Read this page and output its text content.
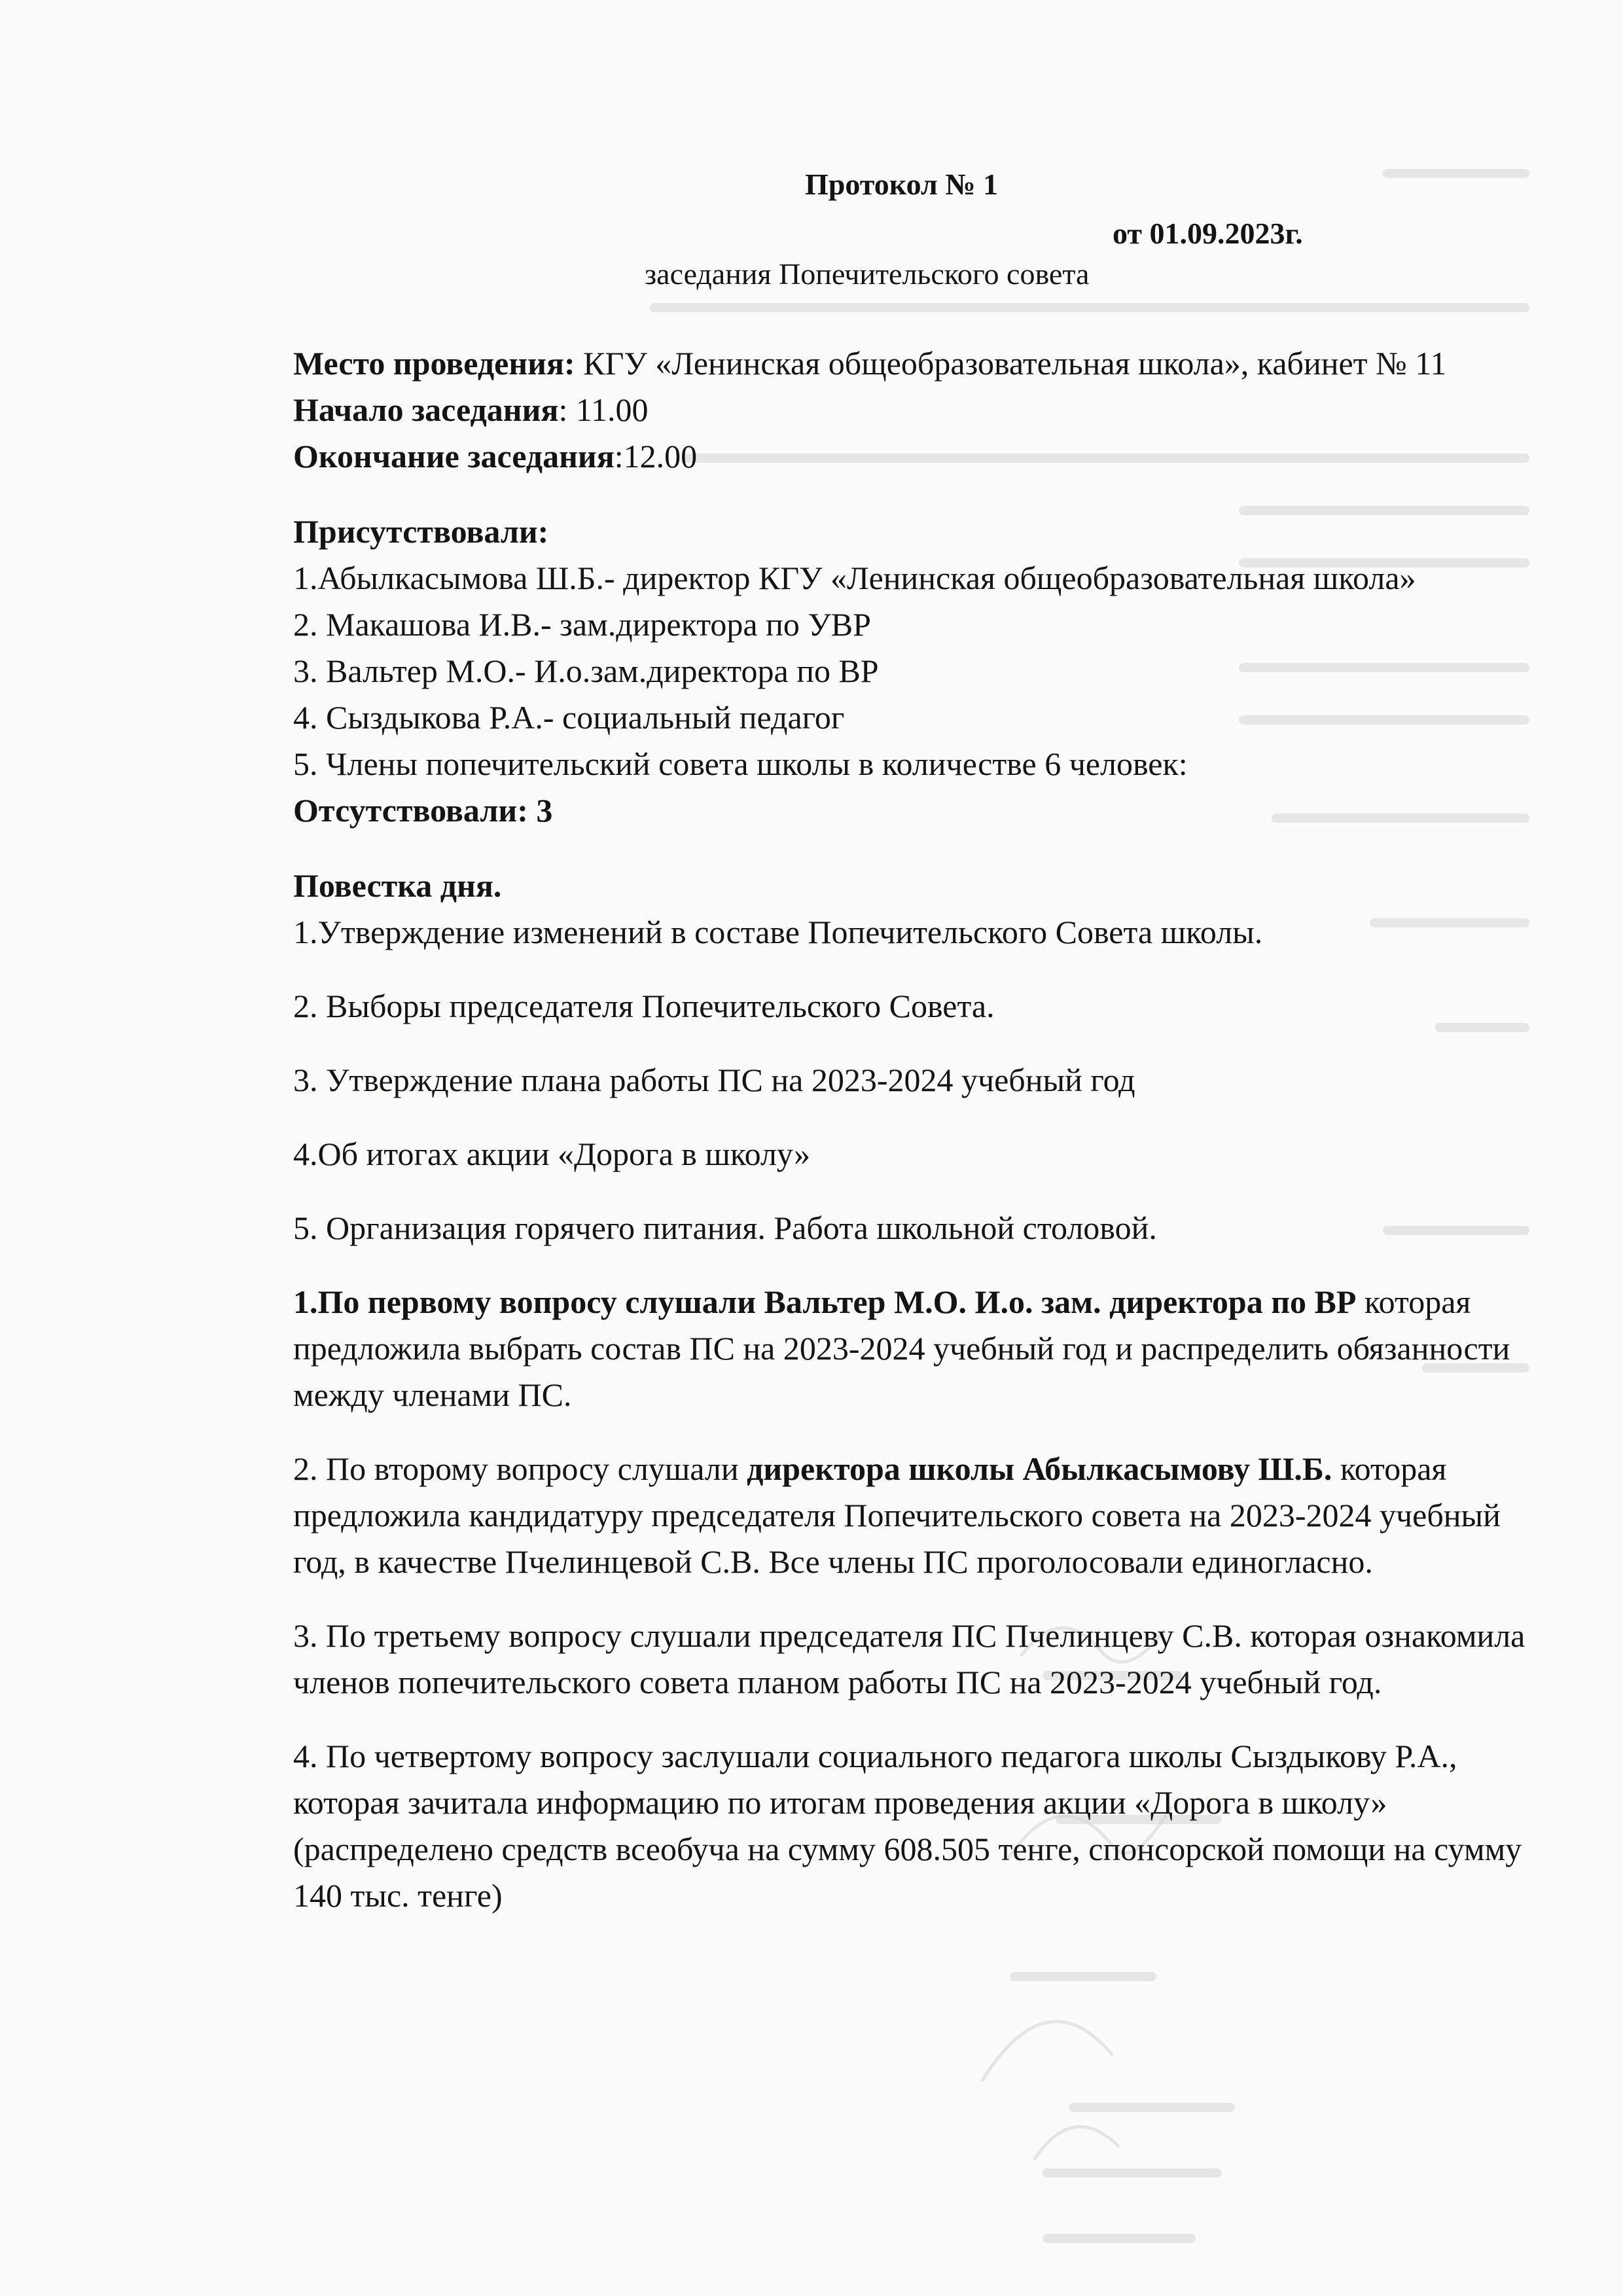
Протокол № 1
от 01.09.2023г.
заседания Попечительского совета

Место проведения: КГУ «Ленинская общеобразовательная школа», кабинет № 11

Начало заседания: 11.00

Окончание заседания:12.00

Присутствовали:

1.Абылкасымова Ш.Б.- директор КГУ «Ленинская общеобразовательная школа»

2. Макашова И.В.- зам.директора по УВР

3. Вальтер М.О.- И.о.зам.директора по ВР

4. Сыздыкова Р.А.- социальный педагог

5. Члены попечительский совета школы в количестве 6 человек:

Отсутствовали: 3

Повестка дня.

1.Утверждение изменений в составе Попечительского Совета школы.

2. Выборы председателя Попечительского Совета.

3. Утверждение плана работы ПС на 2023-2024 учебный год

4.Об итогах акции «Дорога в школу»

5. Организация горячего питания. Работа школьной столовой.

1.По первому вопросу слушали Вальтер М.О. И.о. зам. директора по ВР которая предложила выбрать состав ПС на 2023-2024 учебный год и распределить обязанности между членами ПС.

2. По второму вопросу слушали директора школы Абылкасымову Ш.Б. которая предложила кандидатуру председателя Попечительского совета на 2023-2024 учебный год, в качестве Пчелинцевой С.В. Все члены ПС проголосовали единогласно.

3. По третьему вопросу слушали председателя ПС Пчелинцеву С.В. которая ознакомила членов попечительского совета планом работы ПС на 2023-2024 учебный год.

4. По четвертому вопросу заслушали социального педагога школы Сыздыкову Р.А., которая зачитала информацию по итогам проведения акции «Дорога в школу» (распределено средств всеобуча на сумму 608.505 тенге, спонсорской помощи на сумму 140 тыс. тенге)
